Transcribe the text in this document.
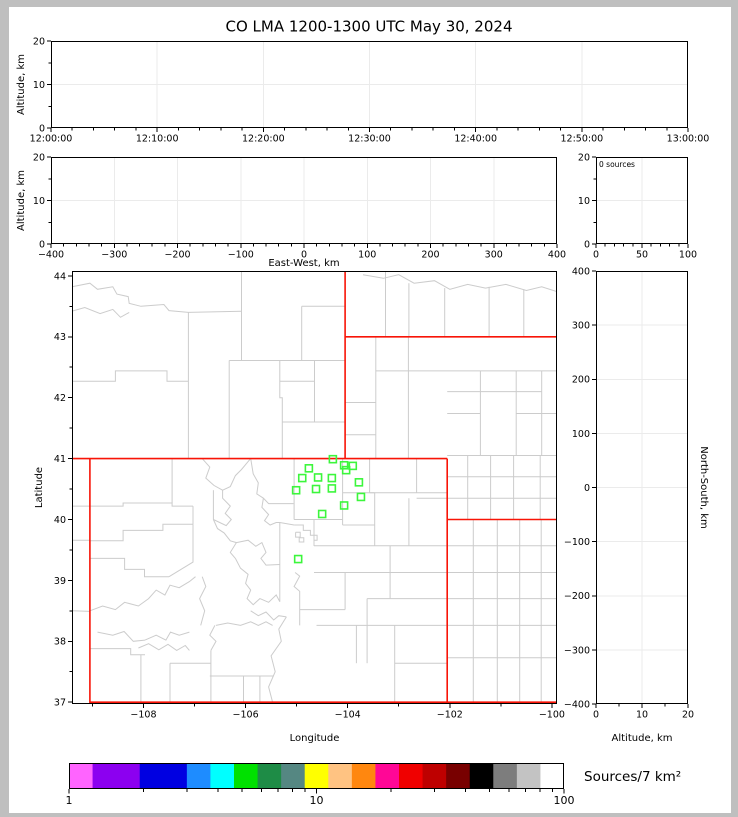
12:00:00	12:10:00	12:20:00	12:30:00	12:40:00	12:50:00	13:00:00
0
10
20
−400	−300	−200	−100	0	100	200	300	400
0
10
20
0	50	100
0
10
20
−108	−106	−104	−102	−100
37
38
39
40
41
42
43
44
0	10	20
400
300
200
100
0
−100
−200
−300
−400
1	10	100
CO LMA 1200-1300 UTC May 30, 2024
Altitude, km
Altitude, km
East-West, km
0 sources
Latitude
Longitude
North-South, km
Altitude, km
Sources/7 km²
